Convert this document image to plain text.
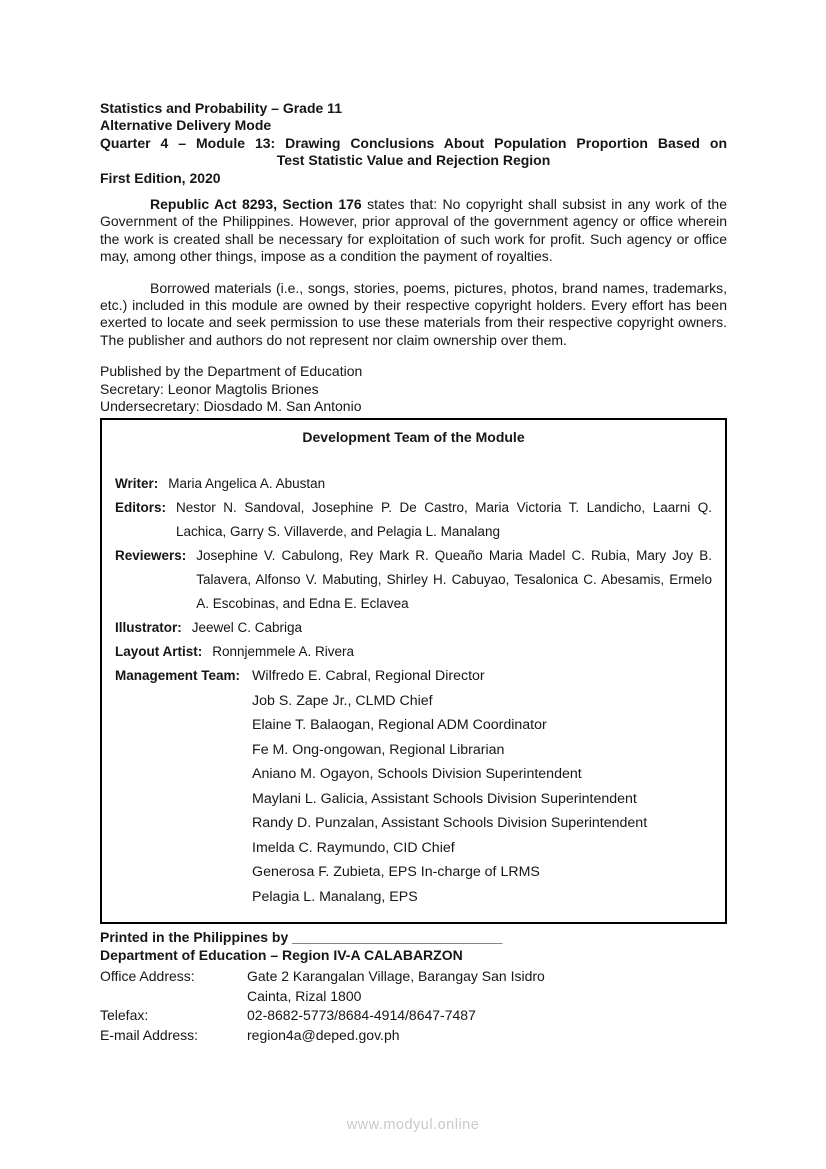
Statistics and Probability – Grade 11
Alternative Delivery Mode
Quarter 4 – Module 13: Drawing Conclusions About Population Proportion Based on
Test Statistic Value and Rejection Region
First Edition, 2020

Republic Act 8293, Section 176 states that: No copyright shall subsist in any work of the Government of the Philippines. However, prior approval of the government agency or office wherein the work is created shall be necessary for exploitation of such work for profit. Such agency or office may, among other things, impose as a condition the payment of royalties.

Borrowed materials (i.e., songs, stories, poems, pictures, photos, brand names, trademarks, etc.) included in this module are owned by their respective copyright holders. Every effort has been exerted to locate and seek permission to use these materials from their respective copyright owners. The publisher and authors do not represent nor claim ownership over them.

Published by the Department of Education
Secretary: Leonor Magtolis Briones
Undersecretary: Diosdado M. San Antonio
Development Team of the Module
Writer: Maria Angelica A. Abustan
Editors: Nestor N. Sandoval, Josephine P. De Castro, Maria Victoria T. Landicho, Laarni Q. Lachica, Garry S. Villaverde, and Pelagia L. Manalang
Reviewers: Josephine V. Cabulong, Rey Mark R. Queaño Maria Madel C. Rubia, Mary Joy B. Talavera, Alfonso V. Mabuting, Shirley H. Cabuyao, Tesalonica C. Abesamis, Ermelo A. Escobinas, and Edna E. Eclavea
Illustrator: Jeewel C. Cabriga
Layout Artist: Ronnjemmele A. Rivera
Management Team: Wilfredo E. Cabral, Regional Director
Job S. Zape Jr., CLMD Chief
Elaine T. Balaogan, Regional ADM Coordinator
Fe M. Ong-ongowan, Regional Librarian
Aniano M. Ogayon, Schools Division Superintendent
Maylani L. Galicia, Assistant Schools Division Superintendent
Randy D. Punzalan, Assistant Schools Division Superintendent
Imelda C. Raymundo, CID Chief
Generosa F. Zubieta, EPS In-charge of LRMS
Pelagia L. Manalang, EPS
Printed in the Philippines by ___________________________
Department of Education – Region IV-A CALABARZON
Office Address:	Gate 2 Karangalan Village, Barangay San Isidro
Cainta, Rizal 1800
Telefax:	02-8682-5773/8684-4914/8647-7487
E-mail Address:	region4a@deped.gov.ph
www.modyul.online
